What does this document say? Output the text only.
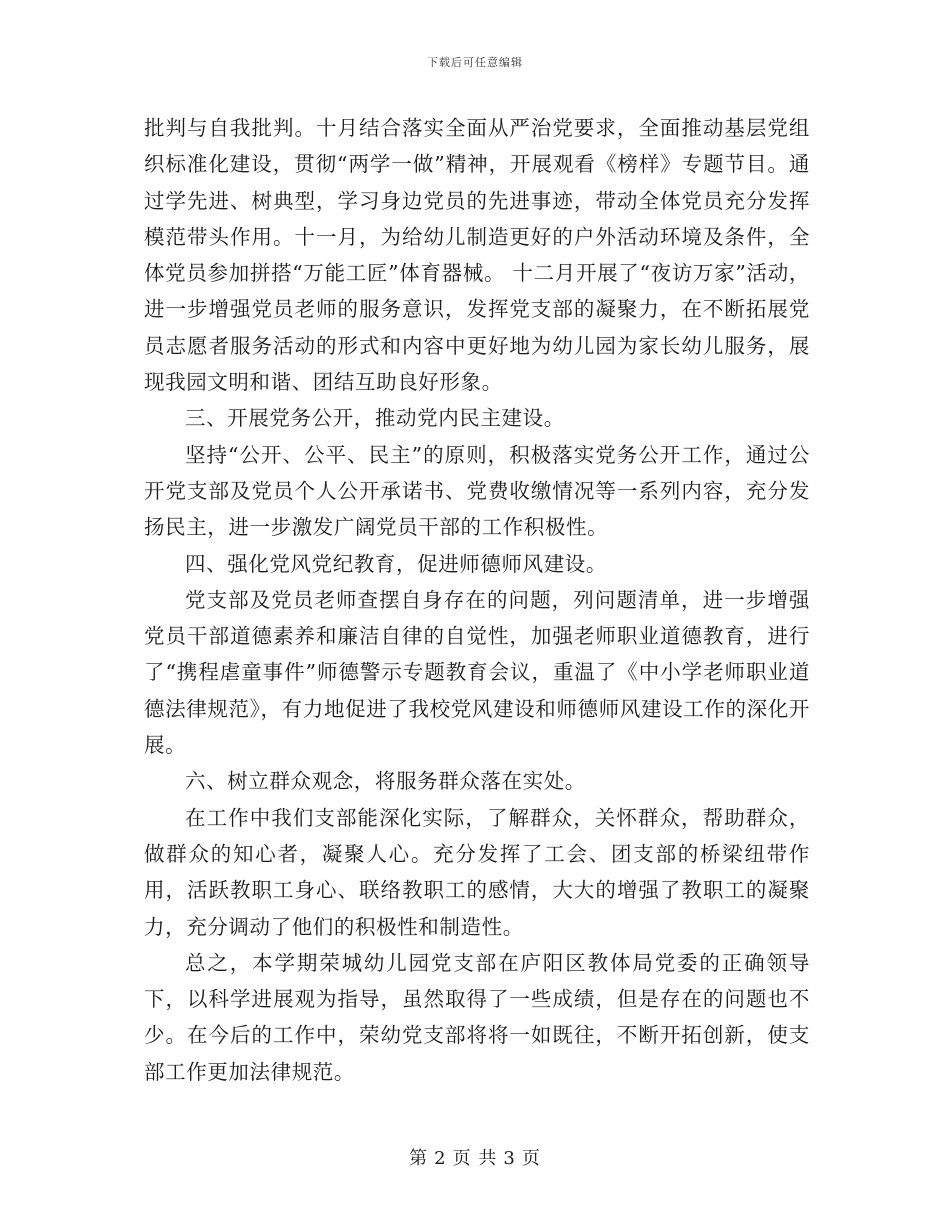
下载后可任意编辑

批判与自我批判。十月结合落实全面从严治党要求，全面推动基层党组织标准化建设，贯彻“两学一做”精神，开展观看《榜样》专题节目。通过学先进、树典型，学习身边党员的先进事迹，带动全体党员充分发挥模范带头作用。十一月，为给幼儿制造更好的户外活动环境及条件，全体党员参加拼搭“万能工匠”体育器械。 十二月开展了“夜访万家”活动，进一步增强党员老师的服务意识，发挥党支部的凝聚力，在不断拓展党员志愿者服务活动的形式和内容中更好地为幼儿园为家长幼儿服务，展现我园文明和谐、团结互助良好形象。

三、开展党务公开，推动党内民主建设。

坚持“公开、公平、民主”的原则，积极落实党务公开工作，通过公开党支部及党员个人公开承诺书、党费收缴情况等一系列内容，充分发扬民主，进一步激发广阔党员干部的工作积极性。

四、强化党风党纪教育，促进师德师风建设。

党支部及党员老师查摆自身存在的问题，列问题清单，进一步增强党员干部道德素养和廉洁自律的自觉性，加强老师职业道德教育，进行了“携程虐童事件”师德警示专题教育会议，重温了《中小学老师职业道德法律规范》，有力地促进了我校党风建设和师德师风建设工作的深化开展。

六、树立群众观念，将服务群众落在实处。

在工作中我们支部能深化实际，了解群众，关怀群众，帮助群众，做群众的知心者，凝聚人心。充分发挥了工会、团支部的桥梁纽带作用，活跃教职工身心、联络教职工的感情，大大的增强了教职工的凝聚力，充分调动了他们的积极性和制造性。

总之，本学期荣城幼儿园党支部在庐阳区教体局党委的正确领导下，以科学进展观为指导，虽然取得了一些成绩，但是存在的问题也不少。在今后的工作中，荣幼党支部将将一如既往，不断开拓创新，使支部工作更加法律规范。

第 2 页 共 3 页
